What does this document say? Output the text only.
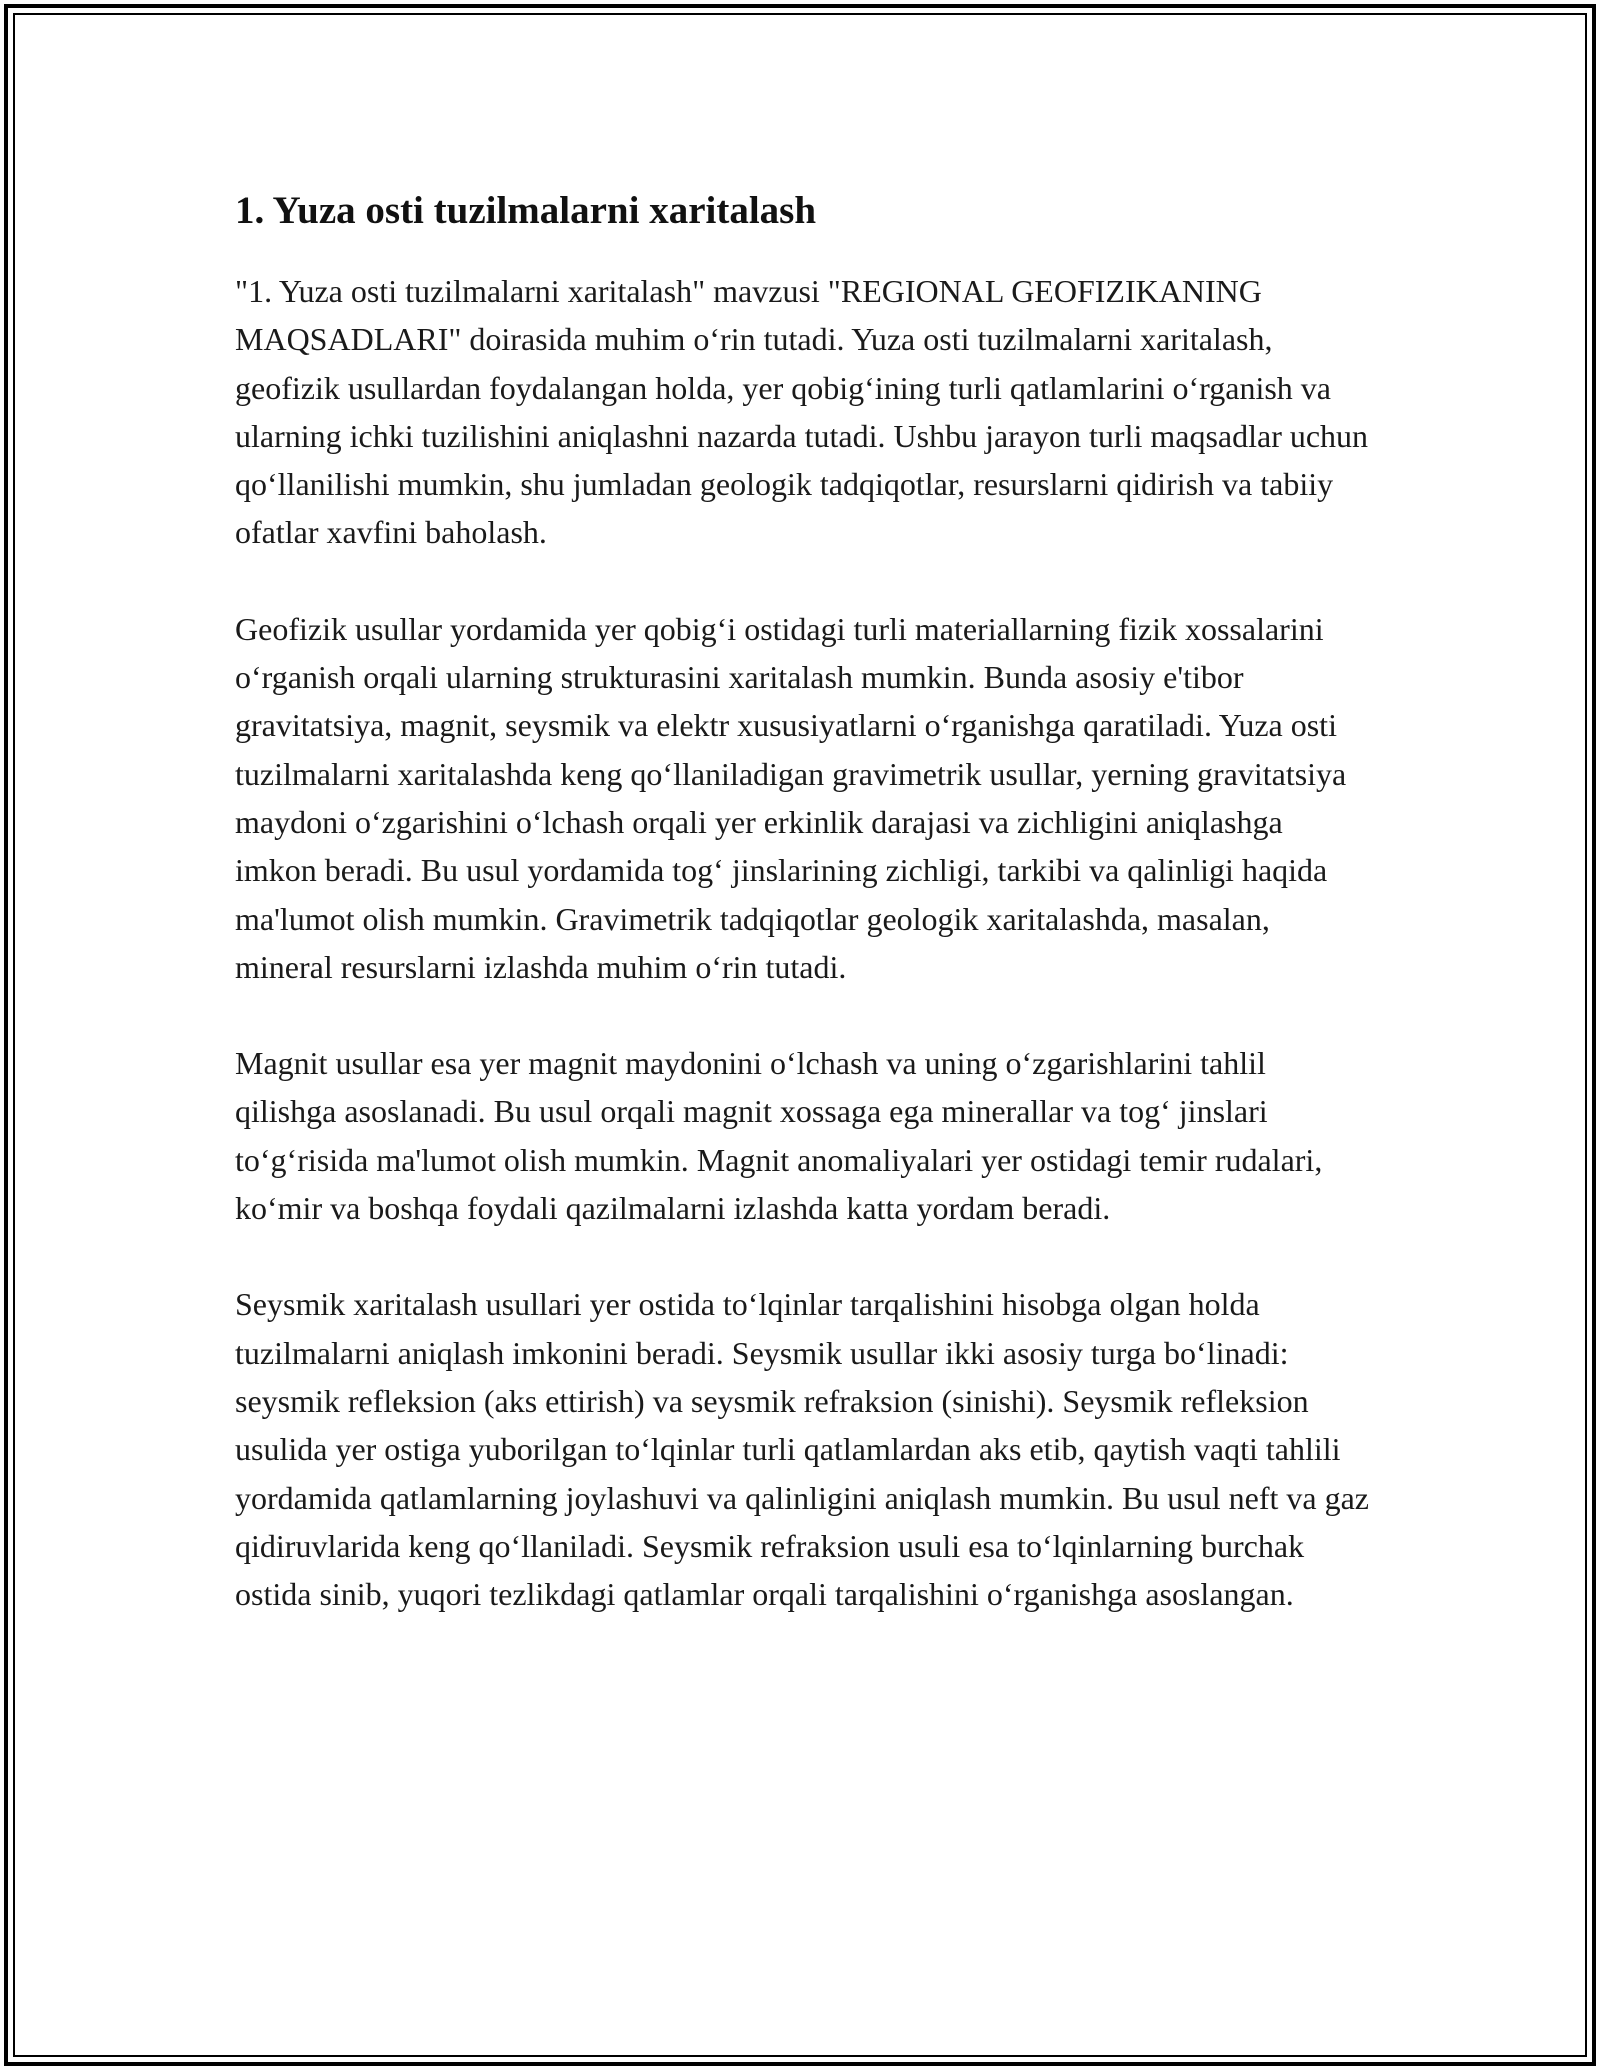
1. Yuza osti tuzilmalarni xaritalash

"1. Yuza osti tuzilmalarni xaritalash" mavzusi "REGIONAL GEOFIZIKANING MAQSADLARI" doirasida muhim o‘rin tutadi. Yuza osti tuzilmalarni xaritalash, geofizik usullardan foydalangan holda, yer qobig‘ining turli qatlamlarini o‘rganish va ularning ichki tuzilishini aniqlashni nazarda tutadi. Ushbu jarayon turli maqsadlar uchun qo‘llanilishi mumkin, shu jumladan geologik tadqiqotlar, resurslarni qidirish va tabiiy ofatlar xavfini baholash.

Geofizik usullar yordamida yer qobig‘i ostidagi turli materiallarning fizik xossalarini o‘rganish orqali ularning strukturasini xaritalash mumkin. Bunda asosiy e'tibor gravitatsiya, magnit, seysmik va elektr xususiyatlarni o‘rganishga qaratiladi. Yuza osti tuzilmalarni xaritalashda keng qo‘llaniladigan gravimetrik usullar, yerning gravitatsiya maydoni o‘zgarishini o‘lchash orqali yer erkinlik darajasi va zichligini aniqlashga imkon beradi. Bu usul yordamida tog‘ jinslarining zichligi, tarkibi va qalinligi haqida ma'lumot olish mumkin. Gravimetrik tadqiqotlar geologik xaritalashda, masalan, mineral resurslarni izlashda muhim o‘rin tutadi.

Magnit usullar esa yer magnit maydonini o‘lchash va uning o‘zgarishlarini tahlil qilishga asoslanadi. Bu usul orqali magnit xossaga ega minerallar va tog‘ jinslari to‘g‘risida ma'lumot olish mumkin. Magnit anomaliyalari yer ostidagi temir rudalari, ko‘mir va boshqa foydali qazilmalarni izlashda katta yordam beradi.

Seysmik xaritalash usullari yer ostida to‘lqinlar tarqalishini hisobga olgan holda tuzilmalarni aniqlash imkonini beradi. Seysmik usullar ikki asosiy turga bo‘linadi: seysmik refleksion (aks ettirish) va seysmik refraksion (sinishi). Seysmik refleksion usulida yer ostiga yuborilgan to‘lqinlar turli qatlamlardan aks etib, qaytish vaqti tahlili yordamida qatlamlarning joylashuvi va qalinligini aniqlash mumkin. Bu usul neft va gaz qidiruvlarida keng qo‘llaniladi. Seysmik refraksion usuli esa to‘lqinlarning burchak ostida sinib, yuqori tezlikdagi qatlamlar orqali tarqalishini o‘rganishga asoslangan.
